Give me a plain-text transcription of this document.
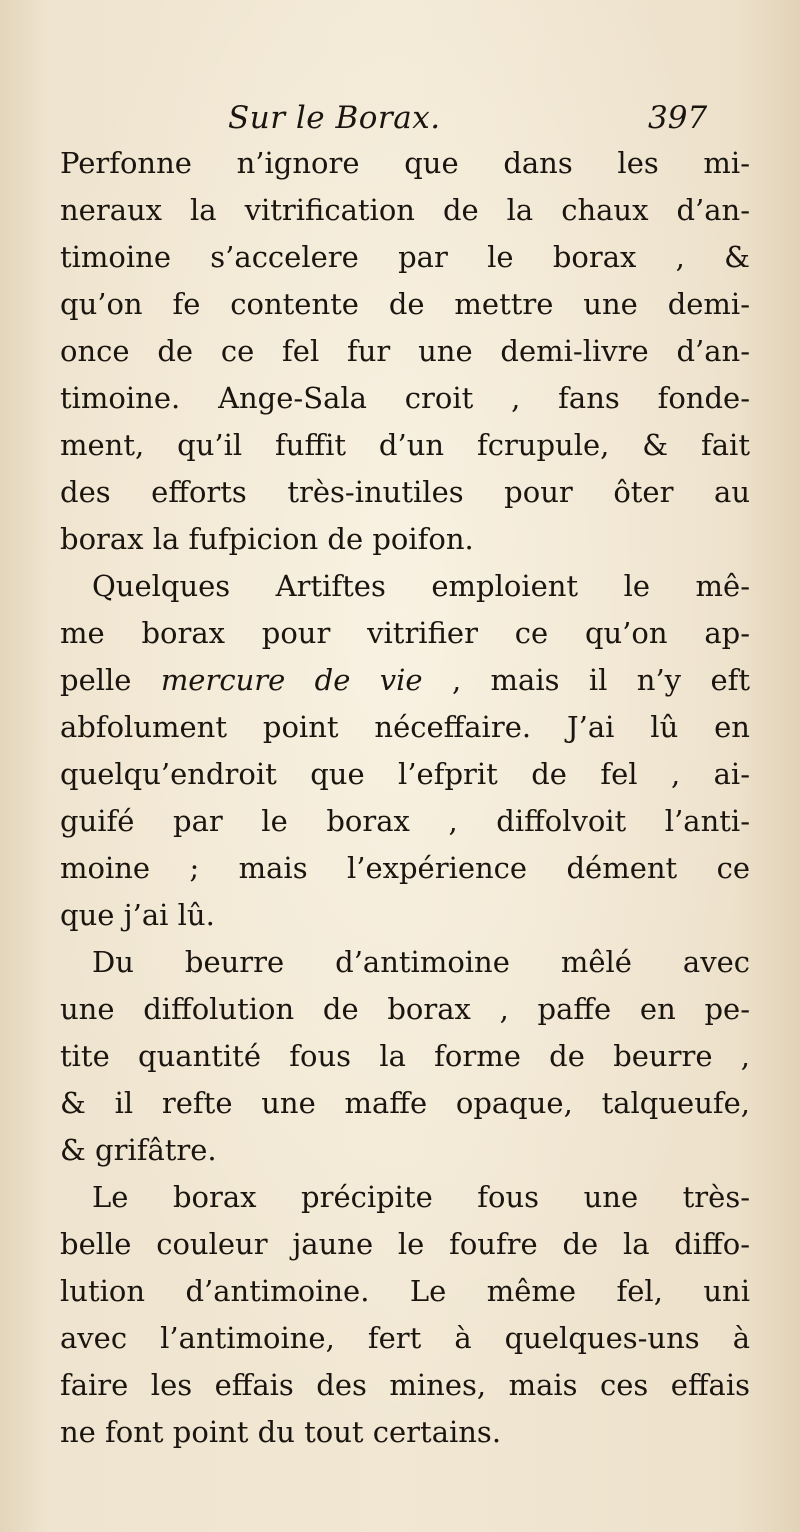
Sur le Borax.	397
Perfonne n’ignore que dans les mi-
neraux la vitrification de la chaux d’an-
timoine s’accelere par le borax , &
qu’on fe contente de mettre une demi-
once de ce fel fur une demi-livre d’an-
timoine. Ange-Sala croit , fans fonde-
ment, qu’il fuffit d’un fcrupule, & fait
des efforts très-inutiles pour ôter au
borax la fufpicion de poifon.
Quelques Artiftes emploient le mê-
me borax pour vitrifier ce qu’on ap-
pelle mercure de vie , mais il n’y eft
abfolument point néceffaire. J’ai lû en
quelqu’endroit que l’efprit de fel , ai-
guifé par le borax , diffolvoit l’anti-
moine ; mais l’expérience dément ce
que j’ai lû.
Du beurre d’antimoine mêlé avec
une diffolution de borax , paffe en pe-
tite quantité fous la forme de beurre ,
& il refte une maffe opaque, talqueufe,
& grifâtre.
Le borax précipite fous une très-
belle couleur jaune le foufre de la diffo-
lution d’antimoine. Le même fel, uni
avec l’antimoine, fert à quelques-uns à
faire les effais des mines, mais ces effais
ne font point du tout certains.
